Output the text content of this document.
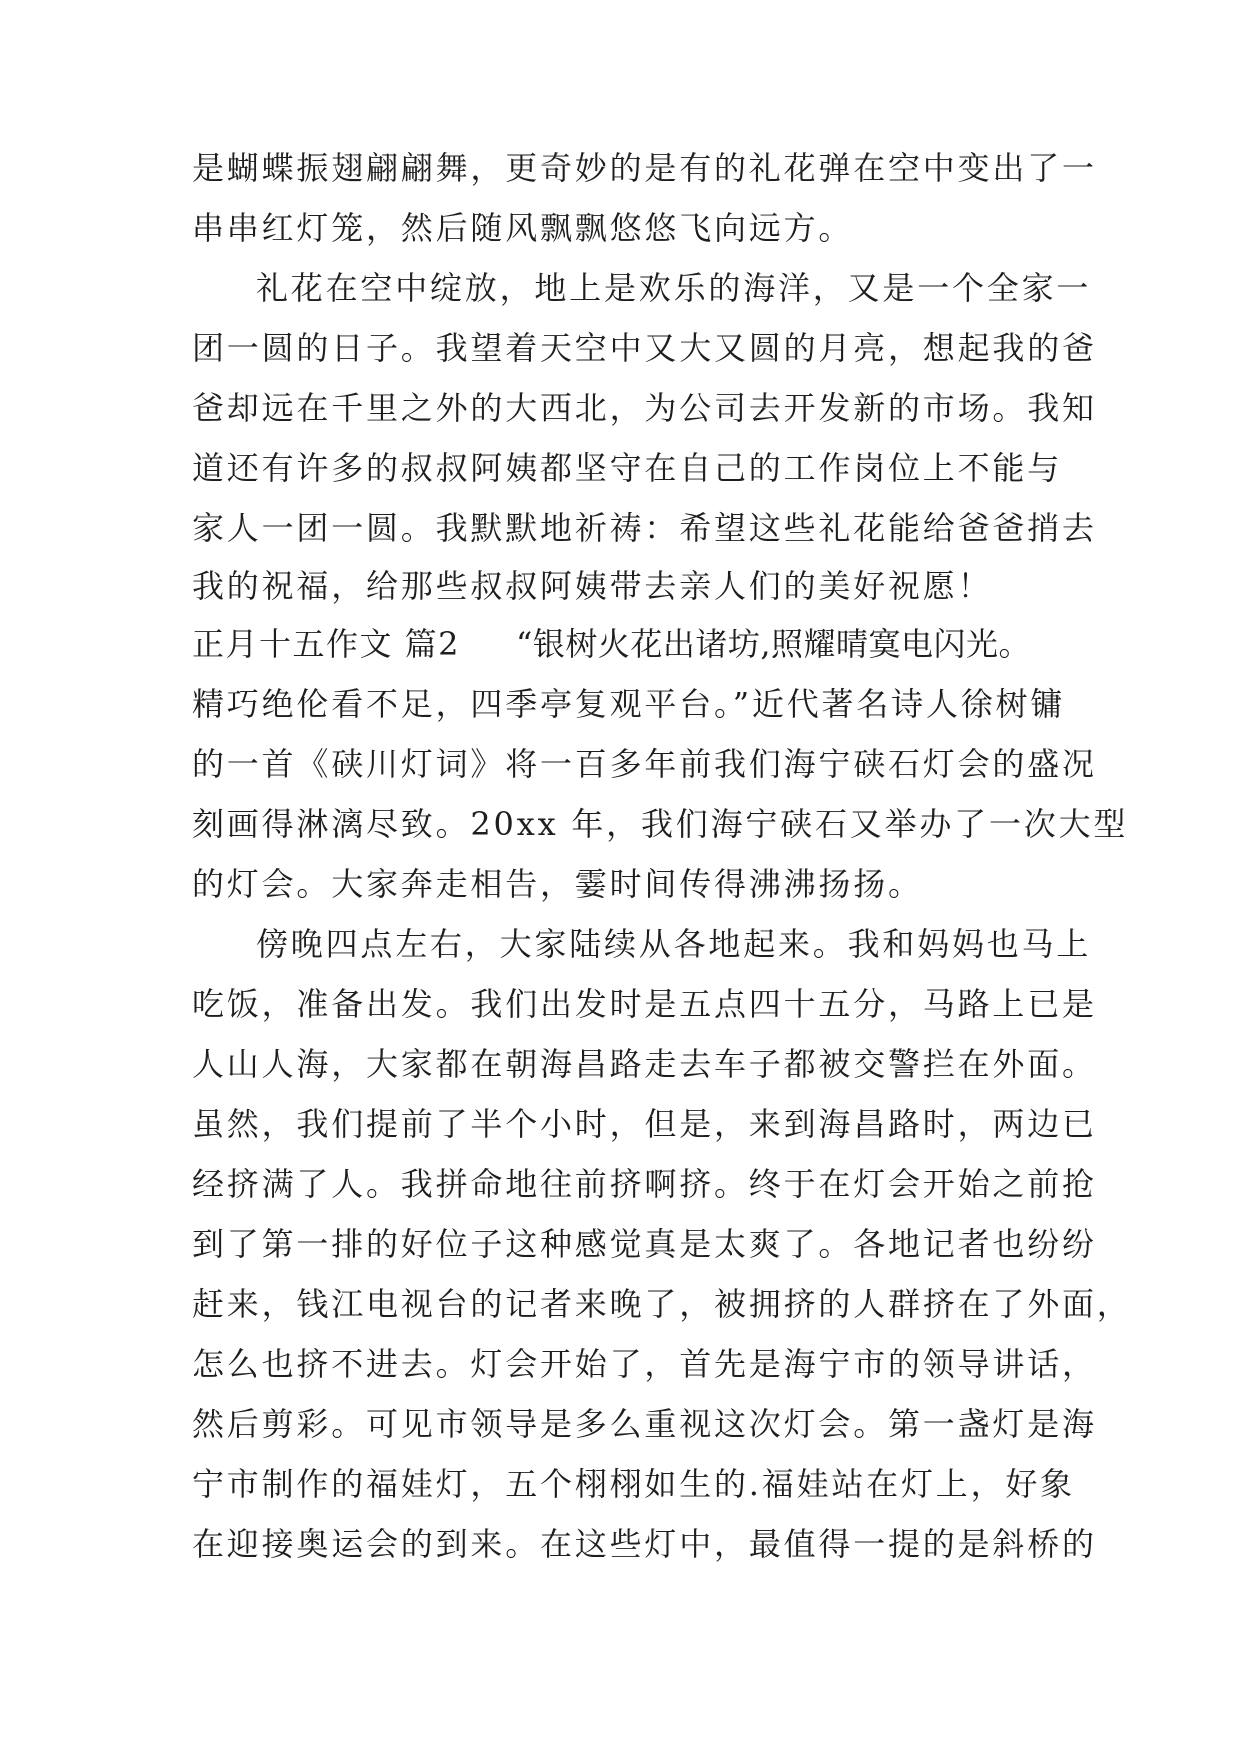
是蝴蝶振翅翩翩舞，更奇妙的是有的礼花弹在空中变出了一
串串红灯笼，然后随风飘飘悠悠飞向远方。
礼花在空中绽放，地上是欢乐的海洋，又是一个全家一
团一圆的日子。我望着天空中又大又圆的月亮，想起我的爸
爸却远在千里之外的大西北，为公司去开发新的市场。我知
道还有许多的叔叔阿姨都坚守在自己的工作岗位上不能与
家人一团一圆。我默默地祈祷：希望这些礼花能给爸爸捎去
我的祝福，给那些叔叔阿姨带去亲人们的美好祝愿！
正月十五作文 篇2 “银树火花出诸坊,照耀晴寞电闪光。
精巧绝伦看不足，四季亭复观平台。”近代著名诗人徐树镛
的一首《硖川灯词》将一百多年前我们海宁硖石灯会的盛况
刻画得淋漓尽致。20xx 年，我们海宁硖石又举办了一次大型
的灯会。大家奔走相告，霎时间传得沸沸扬扬。
傍晚四点左右，大家陆续从各地起来。我和妈妈也马上
吃饭，准备出发。我们出发时是五点四十五分，马路上已是
人山人海，大家都在朝海昌路走去车子都被交警拦在外面。
虽然，我们提前了半个小时，但是，来到海昌路时，两边已
经挤满了人。我拼命地往前挤啊挤。终于在灯会开始之前抢
到了第一排的好位子这种感觉真是太爽了。各地记者也纷纷
赶来，钱江电视台的记者来晚了，被拥挤的人群挤在了外面，
怎么也挤不进去。灯会开始了，首先是海宁市的领导讲话，
然后剪彩。可见市领导是多么重视这次灯会。第一盏灯是海
宁市制作的福娃灯，五个栩栩如生的.福娃站在灯上，好象
在迎接奥运会的到来。在这些灯中，最值得一提的是斜桥的
